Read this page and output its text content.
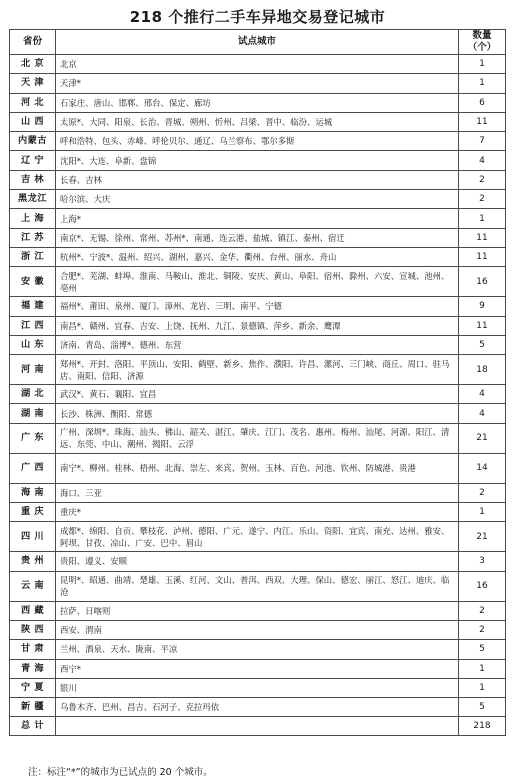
218 个推行二手车异地交易登记城市
省份	试点城市	数量（个）
北 京	北京	1
天 津	天津*	1
河 北	石家庄、唐山、邯郸、邢台、保定、廊坊	6
山 西	太原*、大同、阳泉、长治、晋城、朔州、忻州、吕梁、晋中、临汾、运城	11
内蒙古	呼和浩特、包头、赤峰、呼伦贝尔、通辽、乌兰察布、鄂尔多斯	7
辽 宁	沈阳*、大连、阜新、盘锦	4
吉 林	长春、吉林	2
黑龙江	哈尔滨、大庆	2
上 海	上海*	1
江 苏	南京*、无锡、徐州、常州、苏州*、南通、连云港、盐城、镇江、泰州、宿迁	11
浙 江	杭州*、宁波*、温州、绍兴、湖州、嘉兴、金华、衢州、台州、丽水、舟山	11
安 徽	合肥*、芜湖、蚌埠、淮南、马鞍山、淮北、铜陵、安庆、黄山、阜阳、宿州、滁州、六安、宣城、池州、亳州	16
福 建	福州*、莆田、泉州、厦门、漳州、龙岩、三明、南平、宁德	9
江 西	南昌*、赣州、宜春、吉安、上饶、抚州、九江、景德镇、萍乡、新余、鹰潭	11
山 东	济南、青岛、淄博*、德州、东营	5
河 南	郑州*、开封、洛阳、平顶山、安阳、鹤壁、新乡、焦作、濮阳、许昌、漯河、三门峡、商丘、周口、驻马店、南阳、信阳、济源	18
湖 北	武汉*、黄石、襄阳、宜昌	4
湖 南	长沙、株洲、衡阳、常德	4
广 东	广州、深圳*、珠海、汕头、佛山、韶关、湛江、肇庆、江门、茂名、惠州、梅州、汕尾、河源、阳江、清远、东莞、中山、潮州、揭阳、云浮	21
广 西	南宁*、柳州、桂林、梧州、北海、崇左、来宾、贺州、玉林、百色、河池、钦州、防城港、贵港	14
海 南	海口、三亚	2
重 庆	重庆*	1
四 川	成都*、绵阳、自贡、攀枝花、泸州、德阳、广元、遂宁、内江、乐山、资阳、宜宾、南充、达州、雅安、阿坝、甘孜、凉山、广安、巴中、眉山	21
贵 州	贵阳、遵义、安顺	3
云 南	昆明*、昭通、曲靖、楚雄、玉溪、红河、文山、普洱、西双、大理、保山、德宏、丽江、怒江、迪庆、临沧	16
西 藏	拉萨、日喀则	2
陕 西	西安、渭南	2
甘 肃	兰州、酒泉、天水、陇南、平凉	5
青 海	西宁*	1
宁 夏	银川	1
新 疆	乌鲁木齐、巴州、昌吉、石河子、克拉玛依	5
总 计		218
注：标注“*”的城市为已试点的 20 个城市。
